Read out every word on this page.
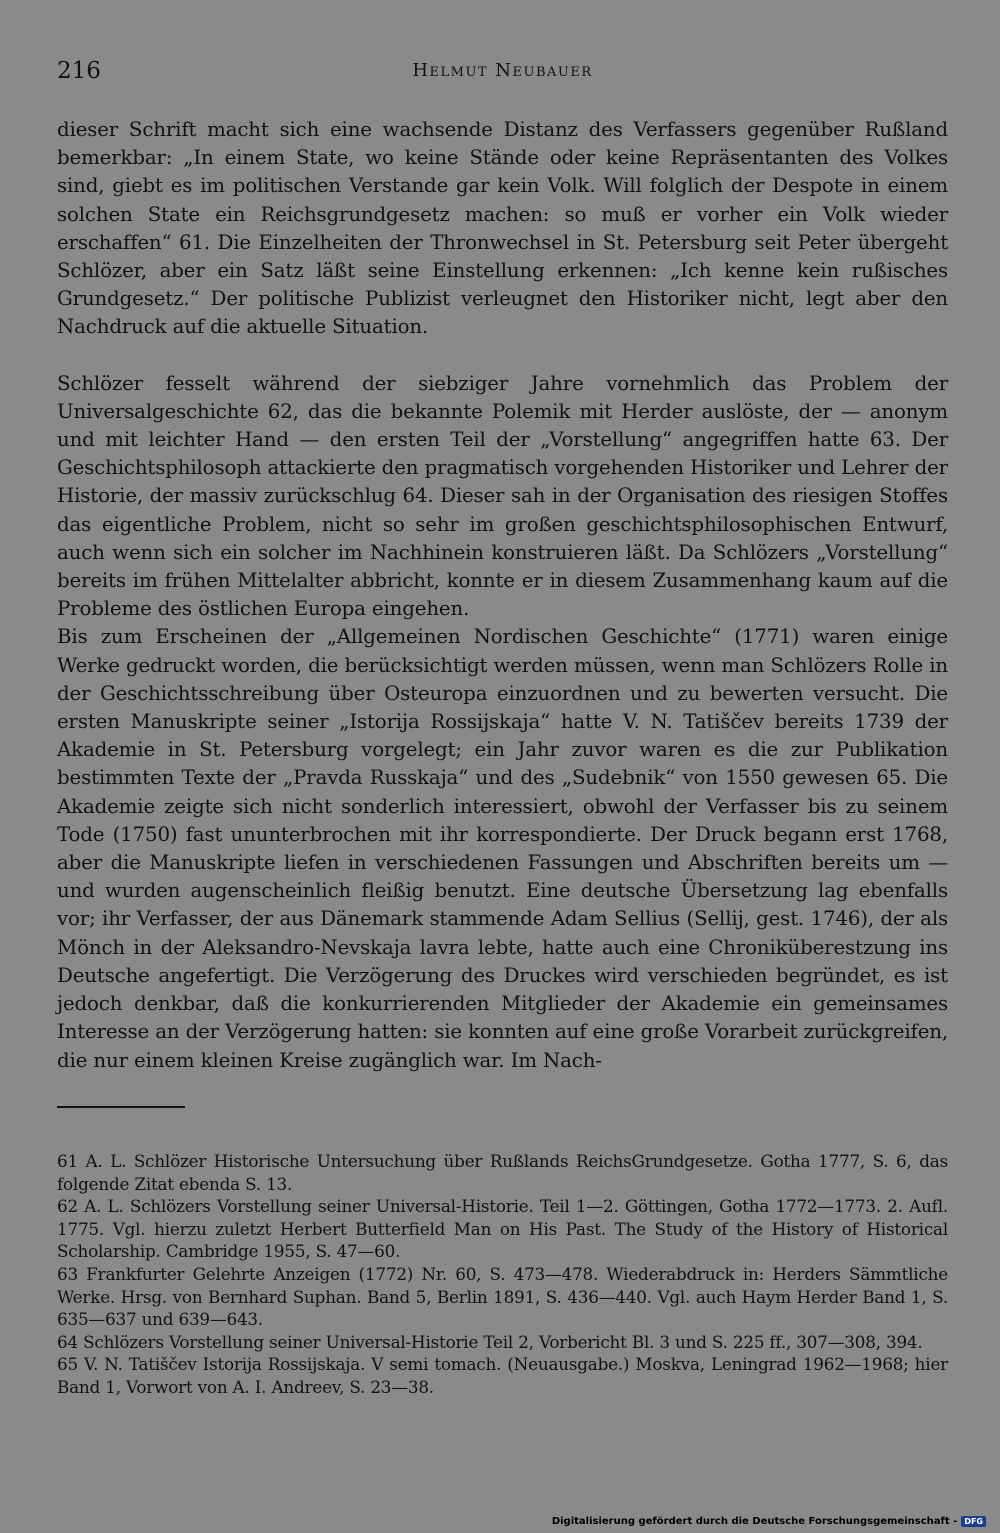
216	Helmut Neubauer

dieser Schrift macht sich eine wachsende Distanz des Verfassers gegenüber Rußland bemerkbar: „In einem State, wo keine Stände oder keine Repräsentanten des Volkes sind, giebt es im politischen Verstande gar kein Volk. Will folglich der Despote in einem solchen State ein Reichsgrundgesetz machen: so muß er vorher ein Volk wieder erschaffen“ 61. Die Einzelheiten der Thronwechsel in St. Petersburg seit Peter übergeht Schlözer, aber ein Satz läßt seine Einstellung erkennen: „Ich kenne kein rußisches Grundgesetz.“ Der politische Publizist verleugnet den Historiker nicht, legt aber den Nachdruck auf die aktuelle Situation.

Schlözer fesselt während der siebziger Jahre vornehmlich das Problem der Universalgeschichte 62, das die bekannte Polemik mit Herder auslöste, der — anonym und mit leichter Hand — den ersten Teil der „Vorstellung“ angegriffen hatte 63. Der Geschichtsphilosoph attackierte den pragmatisch vorgehenden Historiker und Lehrer der Historie, der massiv zurückschlug 64. Dieser sah in der Organisation des riesigen Stoffes das eigentliche Problem, nicht so sehr im großen geschichtsphilosophischen Entwurf, auch wenn sich ein solcher im Nachhinein konstruieren läßt. Da Schlözers „Vorstellung“ bereits im frühen Mittelalter abbricht, konnte er in diesem Zusammenhang kaum auf die Probleme des östlichen Europa eingehen.

Bis zum Erscheinen der „Allgemeinen Nordischen Geschichte“ (1771) waren einige Werke gedruckt worden, die berücksichtigt werden müssen, wenn man Schlözers Rolle in der Geschichtsschreibung über Osteuropa einzuordnen und zu bewerten versucht. Die ersten Manuskripte seiner „Istorija Rossijskaja“ hatte V. N. Tatiščev bereits 1739 der Akademie in St. Petersburg vorgelegt; ein Jahr zuvor waren es die zur Publikation bestimmten Texte der „Pravda Russkaja“ und des „Sudebnik“ von 1550 gewesen 65. Die Akademie zeigte sich nicht sonderlich interessiert, obwohl der Verfasser bis zu seinem Tode (1750) fast ununterbrochen mit ihr korrespondierte. Der Druck begann erst 1768, aber die Manuskripte liefen in verschiedenen Fassungen und Abschriften bereits um — und wurden augenscheinlich fleißig benutzt. Eine deutsche Übersetzung lag ebenfalls vor; ihr Verfasser, der aus Dänemark stammende Adam Sellius (Sellij, gest. 1746), der als Mönch in der Aleksandro-Nevskaja lavra lebte, hatte auch eine Chroniküberestzung ins Deutsche angefertigt. Die Verzögerung des Druckes wird verschieden begründet, es ist jedoch denkbar, daß die konkurrierenden Mitglieder der Akademie ein gemeinsames Interesse an der Verzögerung hatten: sie konnten auf eine große Vorarbeit zurückgreifen, die nur einem kleinen Kreise zugänglich war. Im Nach-

61 A. L. Schlözer Historische Untersuchung über Rußlands ReichsGrundgesetze. Gotha 1777, S. 6, das folgende Zitat ebenda S. 13.

62 A. L. Schlözers Vorstellung seiner Universal-Historie. Teil 1—2. Göttingen, Gotha 1772—1773. 2. Aufl. 1775. Vgl. hierzu zuletzt Herbert Butterfield Man on His Past. The Study of the History of Historical Scholarship. Cambridge 1955, S. 47—60.

63 Frankfurter Gelehrte Anzeigen (1772) Nr. 60, S. 473—478. Wiederabdruck in: Herders Sämmtliche Werke. Hrsg. von Bernhard Suphan. Band 5, Berlin 1891, S. 436—440. Vgl. auch Haym Herder Band 1, S. 635—637 und 639—643.

64 Schlözers Vorstellung seiner Universal-Historie Teil 2, Vorbericht Bl. 3 und S. 225 ff., 307—308, 394.

65 V. N. Tatiščev Istorija Rossijskaja. V semi tomach. (Neuausgabe.) Moskva, Leningrad 1962—1968; hier Band 1, Vorwort von A. I. Andreev, S. 23—38.

Digitalisierung gefördert durch die Deutsche Forschungsgemeinschaft - DFG
